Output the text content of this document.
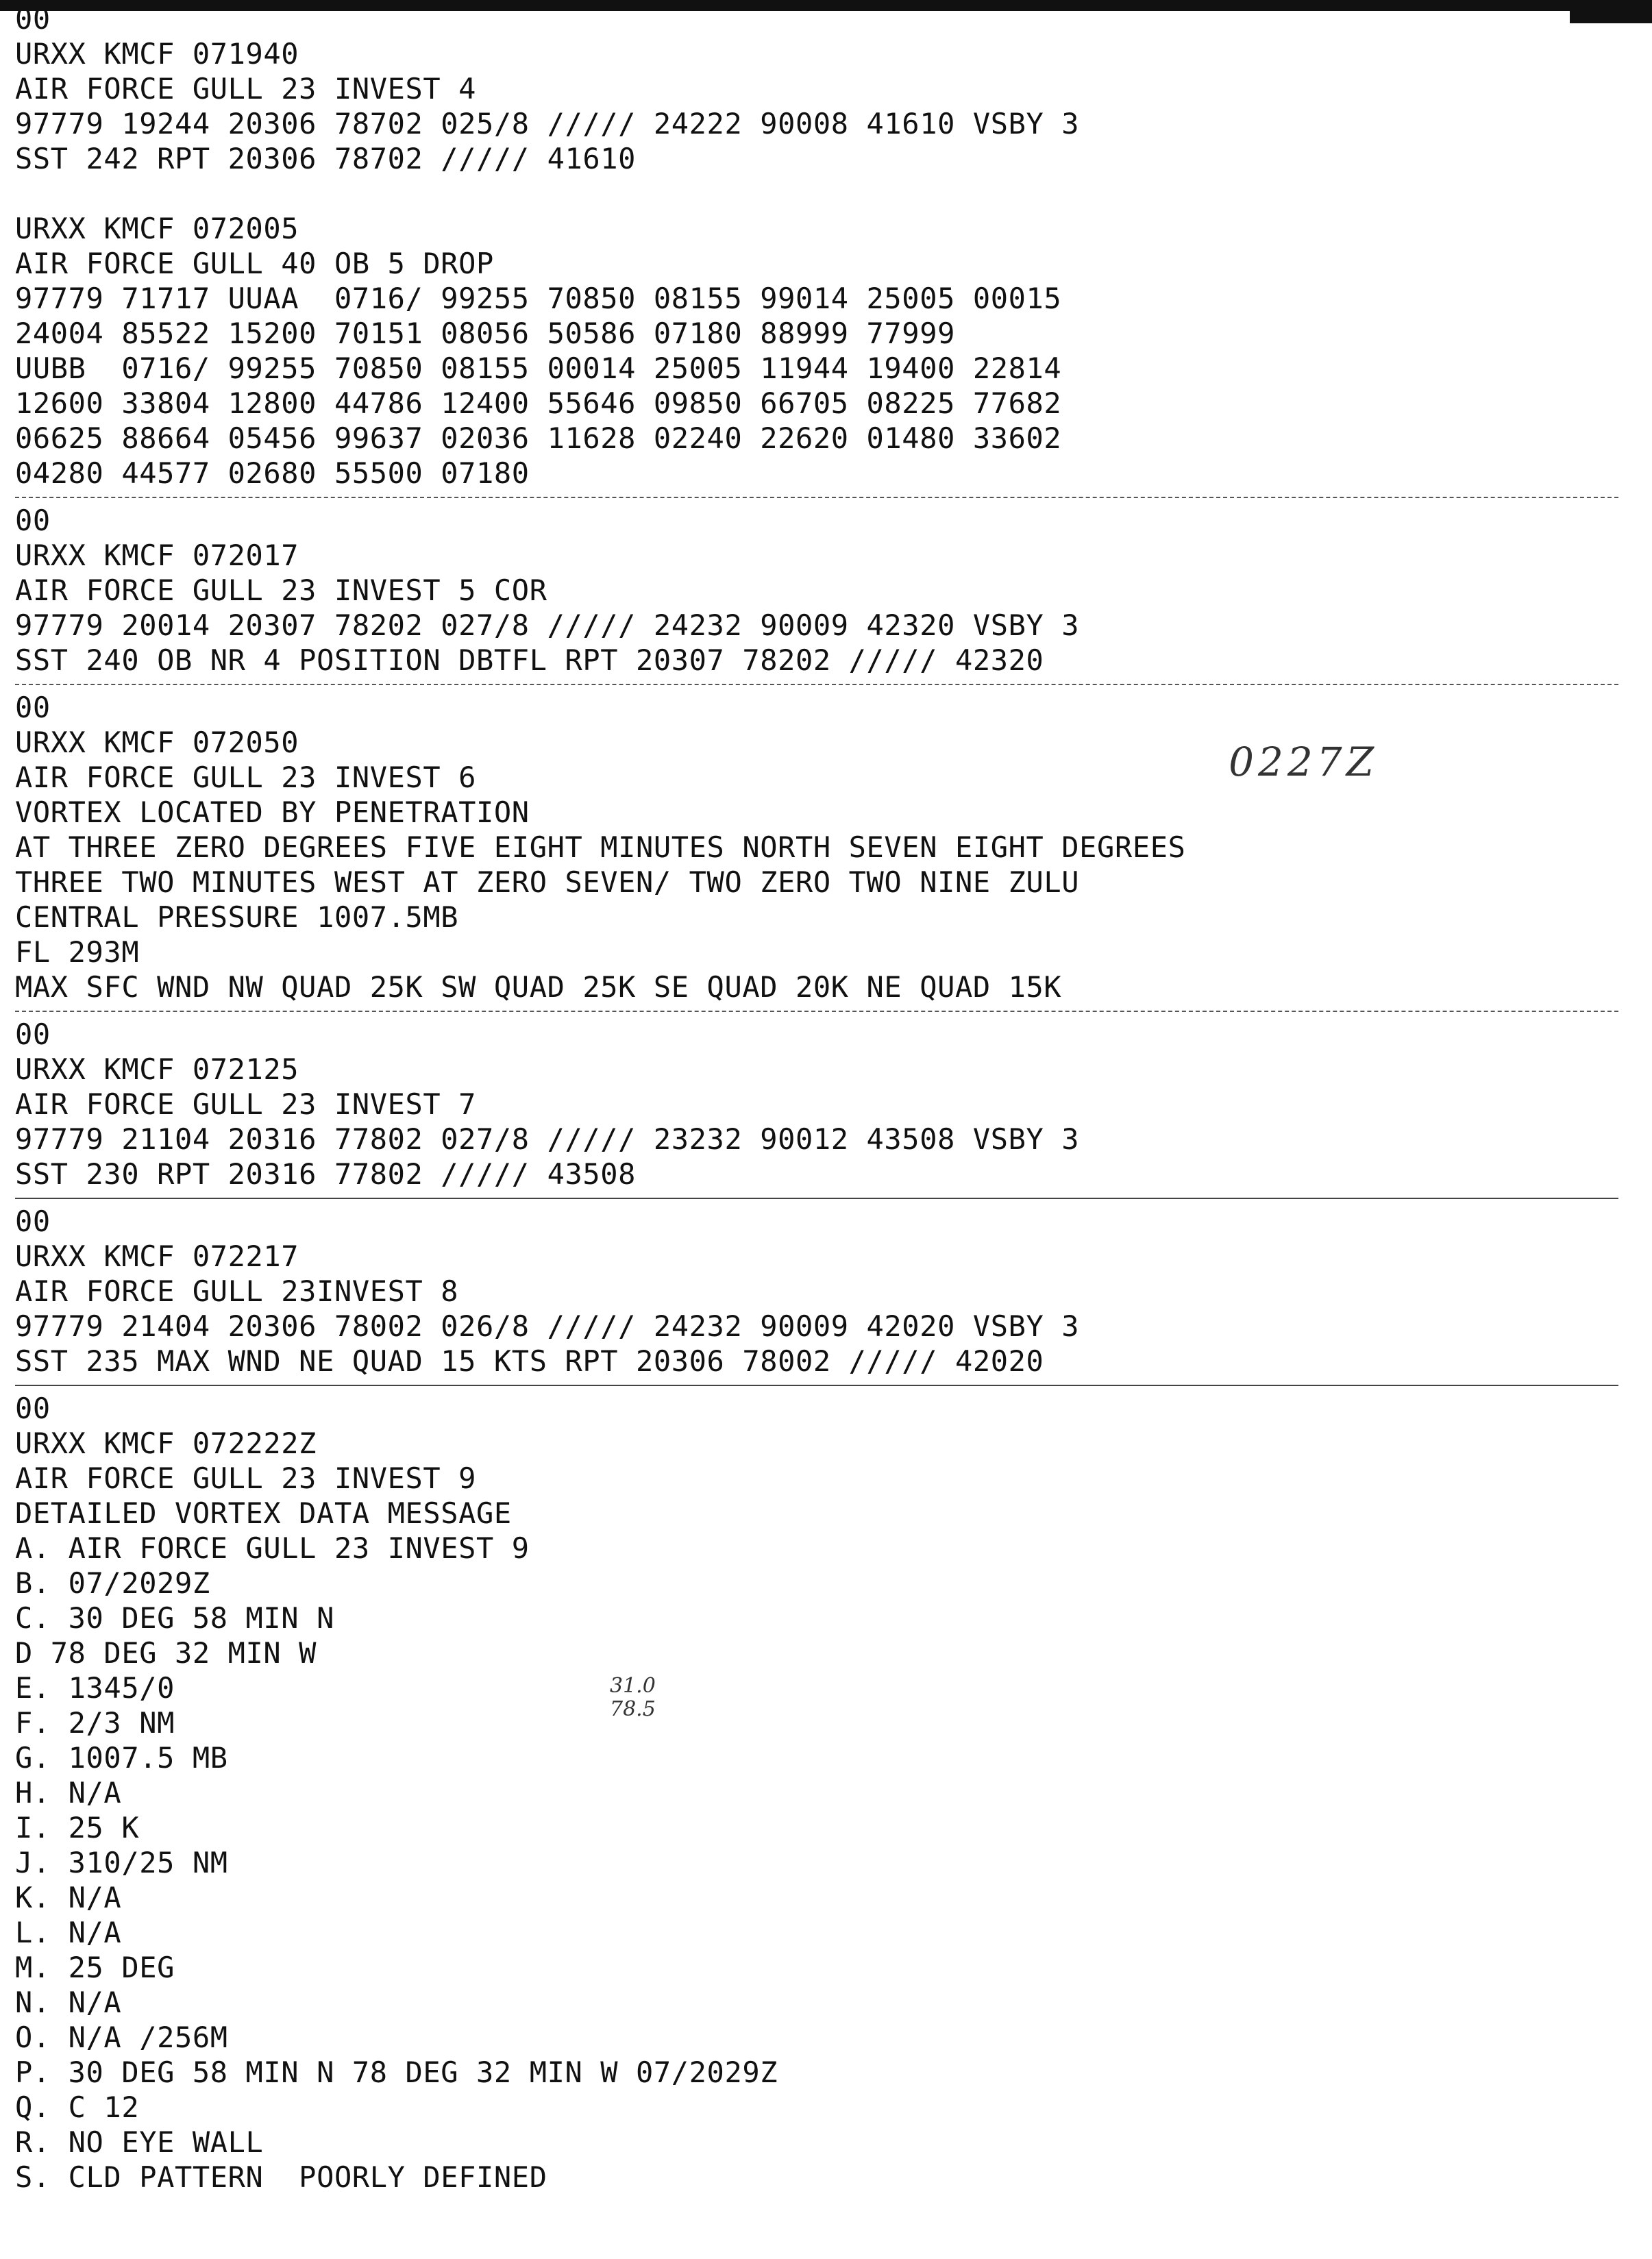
00
URXX KMCF 071940
AIR FORCE GULL 23 INVEST 4
97779 19244 20306 78702 025/8 ///// 24222 90008 41610 VSBY 3
SST 242 RPT 20306 78702 ///// 41610
URXX KMCF 072005
AIR FORCE GULL 40 OB 5 DROP
97779 71717 UUAA  0716/ 99255 70850 08155 99014 25005 00015
24004 85522 15200 70151 08056 50586 07180 88999 77999
UUBB  0716/ 99255 70850 08155 00014 25005 11944 19400 22814
12600 33804 12800 44786 12400 55646 09850 66705 08225 77682
06625 88664 05456 99637 02036 11628 02240 22620 01480 33602
04280 44577 02680 55500 07180
00
URXX KMCF 072017
AIR FORCE GULL 23 INVEST 5 COR
97779 20014 20307 78202 027/8 ///// 24232 90009 42320 VSBY 3
SST 240 OB NR 4 POSITION DBTFL RPT 20307 78202 ///// 42320
00
URXX KMCF 072050
AIR FORCE GULL 23 INVEST 6
VORTEX LOCATED BY PENETRATION
AT THREE ZERO DEGREES FIVE EIGHT MINUTES NORTH SEVEN EIGHT DEGREES
THREE TWO MINUTES WEST AT ZERO SEVEN/ TWO ZERO TWO NINE ZULU
CENTRAL PRESSURE 1007.5MB
FL 293M
MAX SFC WND NW QUAD 25K SW QUAD 25K SE QUAD 20K NE QUAD 15K
00
URXX KMCF 072125
AIR FORCE GULL 23 INVEST 7
97779 21104 20316 77802 027/8 ///// 23232 90012 43508 VSBY 3
SST 230 RPT 20316 77802 ///// 43508
00
URXX KMCF 072217
AIR FORCE GULL 23INVEST 8
97779 21404 20306 78002 026/8 ///// 24232 90009 42020 VSBY 3
SST 235 MAX WND NE QUAD 15 KTS RPT 20306 78002 ///// 42020
00
URXX KMCF 072222Z
AIR FORCE GULL 23 INVEST 9
DETAILED VORTEX DATA MESSAGE
A. AIR FORCE GULL 23 INVEST 9
B. 07/2029Z
C. 30 DEG 58 MIN N
D 78 DEG 32 MIN W
E. 1345/0
F. 2/3 NM
G. 1007.5 MB
H. N/A
I. 25 K
J. 310/25 NM
K. N/A
L. N/A
M. 25 DEG
N. N/A
O. N/A /256M
P. 30 DEG 58 MIN N 78 DEG 32 MIN W 07/2029Z
Q. C 12
R. NO EYE WALL
S. CLD PATTERN  POORLY DEFINED
0227Z
31.0
78.5
